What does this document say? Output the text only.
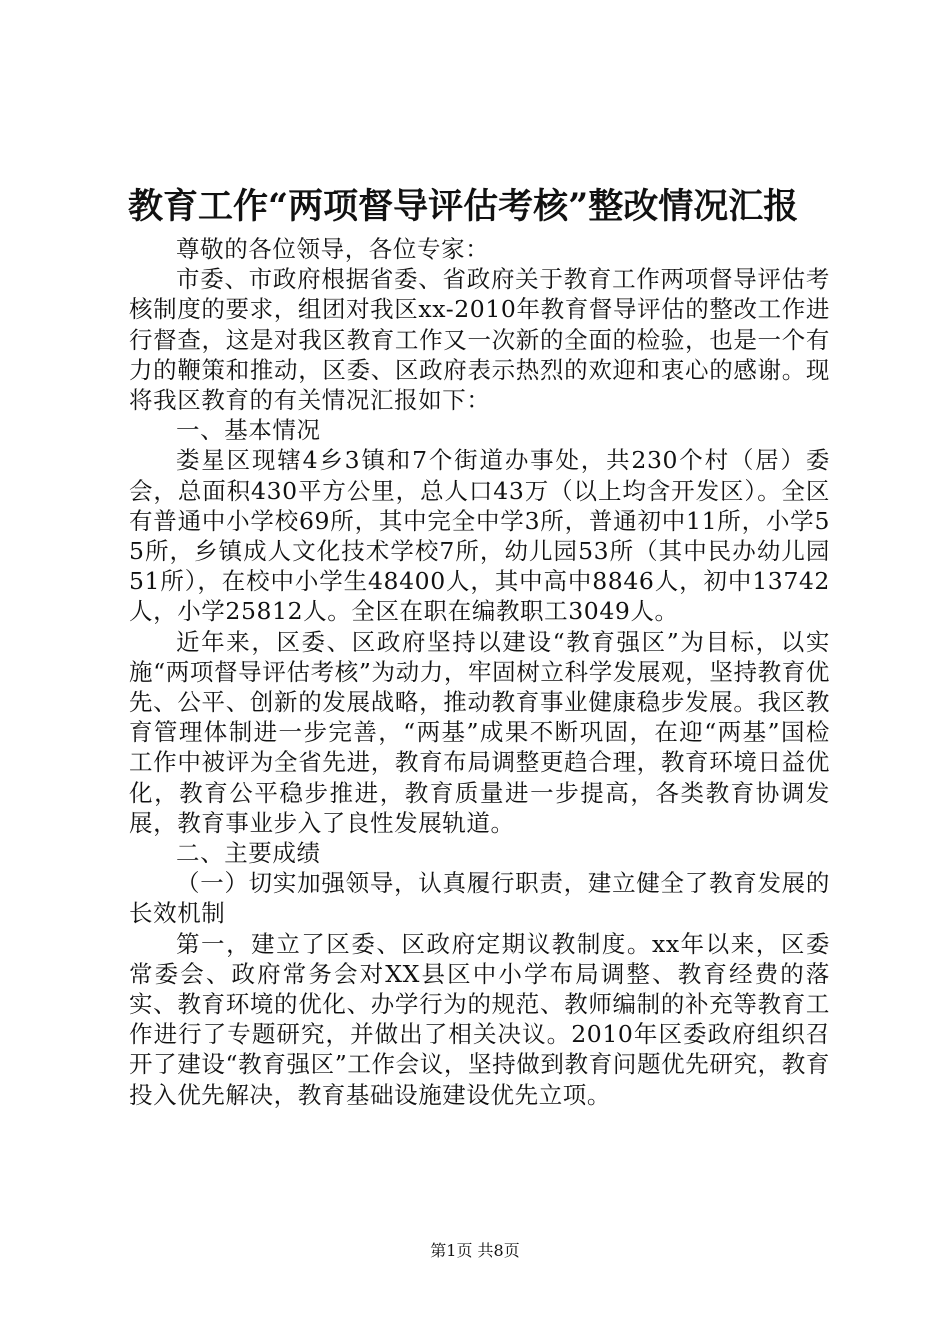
教育工作“两项督导评估考核”整改情况汇报

尊敬的各位领导，各位专家：

市委、市政府根据省委、省政府关于教育工作两项督导评估考核制度的要求，组团对我区xx-2010年教育督导评估的整改工作进行督查，这是对我区教育工作又一次新的全面的检验，也是一个有力的鞭策和推动，区委、区政府表示热烈的欢迎和衷心的感谢。现将我区教育的有关情况汇报如下：

一、基本情况

娄星区现辖4乡3镇和7个街道办事处，共230个村（居）委会，总面积430平方公里，总人口43万（以上均含开发区）。全区有普通中小学校69所，其中完全中学3所，普通初中11所，小学55所，乡镇成人文化技术学校7所，幼儿园53所（其中民办幼儿园51所），在校中小学生48400人，其中高中8846人，初中13742人，小学25812人。全区在职在编教职工3049人。

近年来，区委、区政府坚持以建设“教育强区”为目标，以实施“两项督导评估考核”为动力，牢固树立科学发展观，坚持教育优先、公平、创新的发展战略，推动教育事业健康稳步发展。我区教育管理体制进一步完善，“两基”成果不断巩固，在迎“两基”国检工作中被评为全省先进，教育布局调整更趋合理，教育环境日益优化，教育公平稳步推进，教育质量进一步提高，各类教育协调发展，教育事业步入了良性发展轨道。

二、主要成绩

（一）切实加强领导，认真履行职责，建立健全了教育发展的长效机制

第一，建立了区委、区政府定期议教制度。xx年以来，区委常委会、政府常务会对XX县区中小学布局调整、教育经费的落实、教育环境的优化、办学行为的规范、教师编制的补充等教育工作进行了专题研究，并做出了相关决议。2010年区委政府组织召开了建设“教育强区”工作会议，坚持做到教育问题优先研究，教育投入优先解决，教育基础设施建设优先立项。

第1页 共8页
